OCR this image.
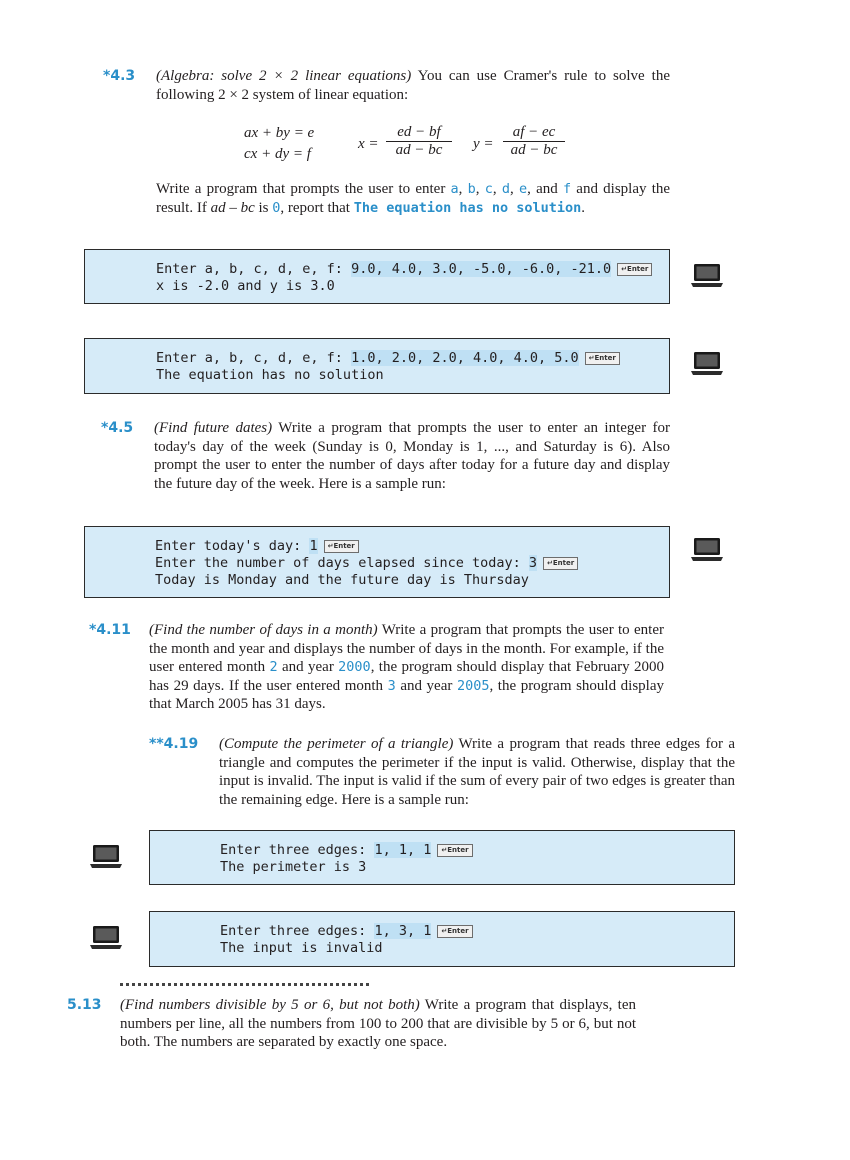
*4.3 (Algebra: solve 2 × 2 linear equations) You can use Cramer's rule to solve the following 2 × 2 system of linear equation:
ax + by = e
cx + dy = f
$x = \frac{ed - bf}{ad - bc}$ $y = \frac{af - ec}{ad - bc}$
Write a program that prompts the user to enter a, b, c, d, e, and f and display the result. If ad – bc is 0, report that The equation has no solution.
Enter a, b, c, d, e, f: 9.0, 4.0, 3.0, -5.0, -6.0, -21.0 ↵Enter
x is -2.0 and y is 3.0
Enter a, b, c, d, e, f: 1.0, 2.0, 2.0, 4.0, 4.0, 5.0 ↵Enter
The equation has no solution
*4.5 (Find future dates) Write a program that prompts the user to enter an integer for today's day of the week (Sunday is 0, Monday is 1, ..., and Saturday is 6). Also prompt the user to enter the number of days after today for a future day and display the future day of the week. Here is a sample run:
Enter today's day: 1 ↵Enter
Enter the number of days elapsed since today: 3 ↵Enter
Today is Monday and the future day is Thursday
*4.11 (Find the number of days in a month) Write a program that prompts the user to enter the month and year and displays the number of days in the month. For example, if the user entered month 2 and year 2000, the program should display that February 2000 has 29 days. If the user entered month 3 and year 2005, the program should display that March 2005 has 31 days.
**4.19 (Compute the perimeter of a triangle) Write a program that reads three edges for a triangle and computes the perimeter if the input is valid. Otherwise, display that the input is invalid. The input is valid if the sum of every pair of two edges is greater than the remaining edge. Here is a sample run:
Enter three edges: 1, 1, 1 ↵Enter
The perimeter is 3
Enter three edges: 1, 3, 1 ↵Enter
The input is invalid
5.13 (Find numbers divisible by 5 or 6, but not both) Write a program that displays, ten numbers per line, all the numbers from 100 to 200 that are divisible by 5 or 6, but not both. The numbers are separated by exactly one space.
